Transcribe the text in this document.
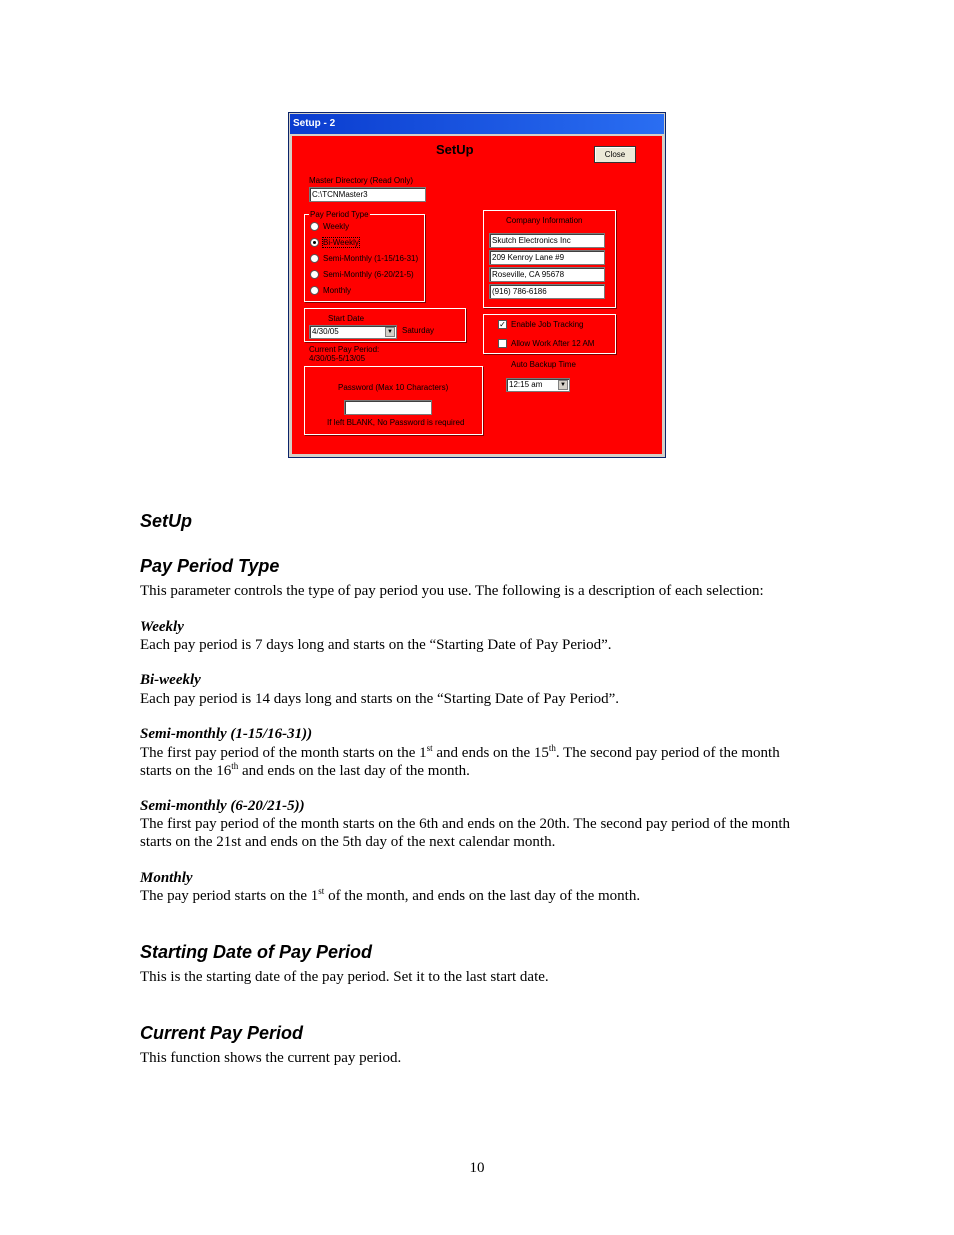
Setup - 2
SetUp	Close
Master Directory (Read Only)
C:\TCNMaster3
Pay Period Type
Weekly
Bi-Weekly
Semi-Monthly (1-15/16-31)
Semi-Monthly (6-20/21-5)
Monthly
Company Information
Skutch Electronics Inc
209 Kenroy Lane #9
Roseville, CA 95678
(916) 786-6186
Start Date
4/30/05	▼ Saturday
Current Pay Period:
4/30/05-5/13/05
✓ Enable Job Tracking
Allow Work After 12 AM
Auto Backup Time
12:15 am	▼
Password (Max 10 Characters)
If left BLANK, No Password is required
SetUp
Pay Period Type
This parameter controls the type of pay period you use. The following is a description of each selection:
Weekly
Each pay period is 7 days long and starts on the “Starting Date of Pay Period”.
Bi-weekly
Each pay period is 14 days long and starts on the “Starting Date of Pay Period”.
Semi-monthly (1-15/16-31))
The first pay period of the month starts on the 1st and ends on the 15th. The second pay period of the month starts on the 16th and ends on the last day of the month.
Semi-monthly (6-20/21-5))
The first pay period of the month starts on the 6th and ends on the 20th. The second pay period of the month starts on the 21st and ends on the 5th day of the next calendar month.
Monthly
The pay period starts on the 1st of the month, and ends on the last day of the month.
Starting Date of Pay Period
This is the starting date of the pay period. Set it to the last start date.
Current Pay Period
This function shows the current pay period.
10
